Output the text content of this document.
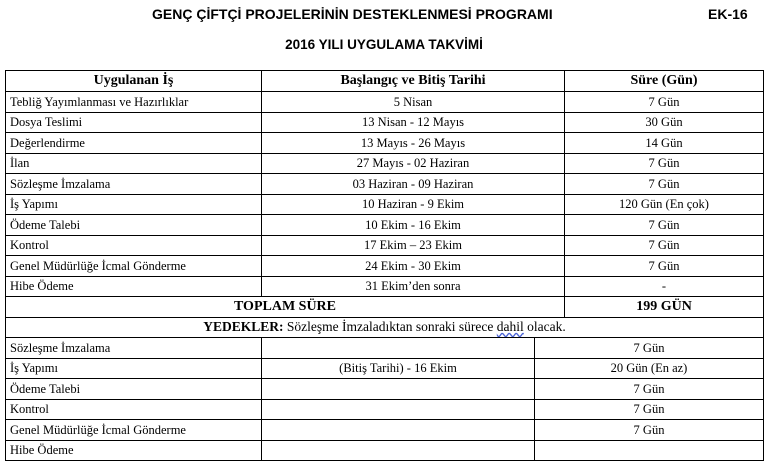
GENÇ ÇİFTÇİ PROJELERİNİN DESTEKLENMESİ PROGRAMI	EK-16
2016 YILI UYGULAMA TAKVİMİ
Uygulanan İş	Başlangıç ve Bitiş Tarihi		Süre (Gün)
Tebliğ Yayımlanması ve Hazırlıklar	5 Nisan		7 Gün
Dosya Teslimi	13 Nisan - 12 Mayıs		30 Gün
Değerlendirme	13 Mayıs - 26 Mayıs		14 Gün
İlan	27 Mayıs - 02 Haziran		7 Gün
Sözleşme İmzalama	03 Haziran - 09 Haziran		7 Gün
İş Yapımı	10 Haziran - 9 Ekim		120 Gün (En çok)
Ödeme Talebi	10 Ekim - 16 Ekim		7 Gün
Kontrol	17 Ekim – 23 Ekim		7 Gün
Genel Müdürlüğe İcmal Gönderme	24 Ekim - 30 Ekim		7 Gün
Hibe Ödeme	31 Ekim’den sonra		-
TOPLAM SÜRE			199 GÜN
YEDEKLER: Sözleşme İmzaladıktan sonraki sürece dahil olacak.			
Sözleşme İmzalama		7 Gün	
İş Yapımı	(Bitiş Tarihi) - 16 Ekim	20 Gün (En az)	
Ödeme Talebi		7 Gün	
Kontrol		7 Gün	
Genel Müdürlüğe İcmal Gönderme		7 Gün	
Hibe Ödeme			
